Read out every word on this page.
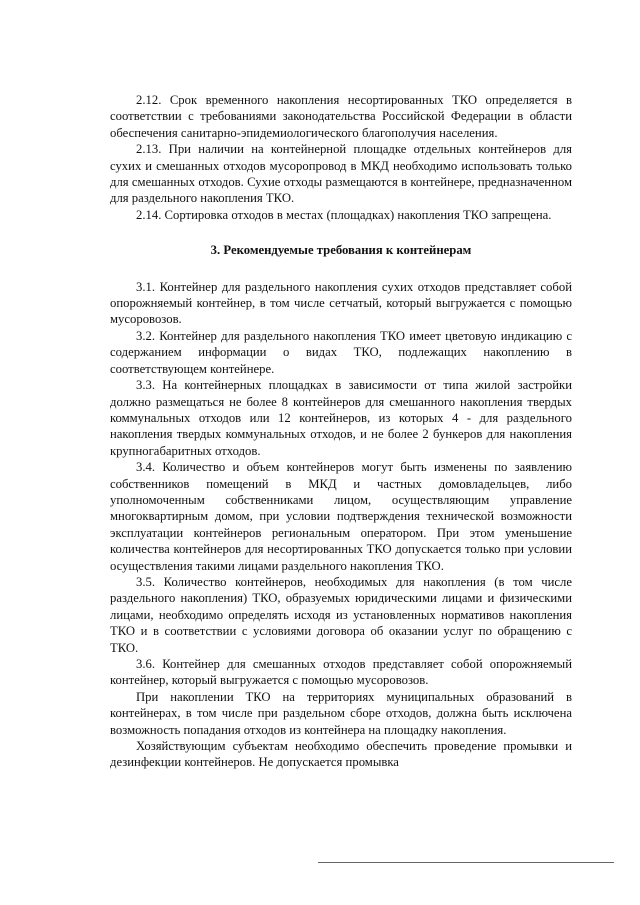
2.12. Срок временного накопления несортированных ТКО определяется в соответствии с требованиями законодательства Российской Федерации в области обеспечения санитарно-эпидемиологического благополучия населения.

2.13. При наличии на контейнерной площадке отдельных контейнеров для сухих и смешанных отходов мусоропровод в МКД необходимо использовать только для смешанных отходов. Сухие отходы размещаются в контейнере, предназначенном для раздельного накопления ТКО.

2.14. Сортировка отходов в местах (площадках) накопления ТКО запрещена.

3. Рекомендуемые требования к контейнерам

3.1. Контейнер для раздельного накопления сухих отходов представляет собой опорожняемый контейнер, в том числе сетчатый, который выгружается с помощью мусоровозов.

3.2. Контейнер для раздельного накопления ТКО имеет цветовую индикацию с содержанием информации о видах ТКО, подлежащих накоплению в соответствующем контейнере.

3.3. На контейнерных площадках в зависимости от типа жилой застройки должно размещаться не более 8 контейнеров для смешанного накопления твердых коммунальных отходов или 12 контейнеров, из которых 4 - для раздельного накопления твердых коммунальных отходов, и не более 2 бункеров для накопления крупногабаритных отходов.

3.4. Количество и объем контейнеров могут быть изменены по заявлению собственников помещений в МКД и частных домовладельцев, либо уполномоченным собственниками лицом, осуществляющим управление многоквартирным домом, при условии подтверждения технической возможности эксплуатации контейнеров региональным оператором. При этом уменьшение количества контейнеров для несортированных ТКО допускается только при условии осуществления такими лицами раздельного накопления ТКО.

3.5. Количество контейнеров, необходимых для накопления (в том числе раздельного накопления) ТКО, образуемых юридическими лицами и физическими лицами, необходимо определять исходя из установленных нормативов накопления ТКО и в соответствии с условиями договора об оказании услуг по обращению с ТКО.

3.6. Контейнер для смешанных отходов представляет собой опорожняемый контейнер, который выгружается с помощью мусоровозов.

При накоплении ТКО на территориях муниципальных образований в контейнерах, в том числе при раздельном сборе отходов, должна быть исключена возможность попадания отходов из контейнера на площадку накопления.

Хозяйствующим субъектам необходимо обеспечить проведение промывки и дезинфекции контейнеров. Не допускается промывка
